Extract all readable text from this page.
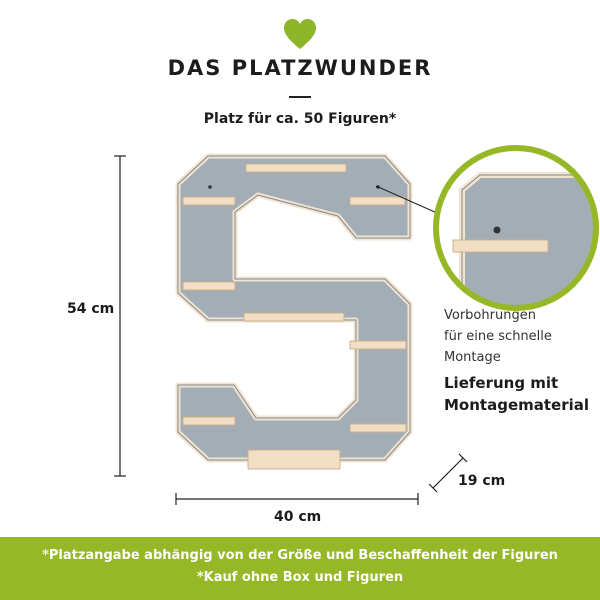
DAS PLATZWUNDER
Platz für ca. 50 Figuren*
54 cm
40 cm
19 cm
Vorbohrungen
für eine schnelle
Montage
Lieferung mit
Montagematerial
*Platzangabe abhängig von der Größe und Beschaffenheit der Figuren
*Kauf ohne Box und Figuren
